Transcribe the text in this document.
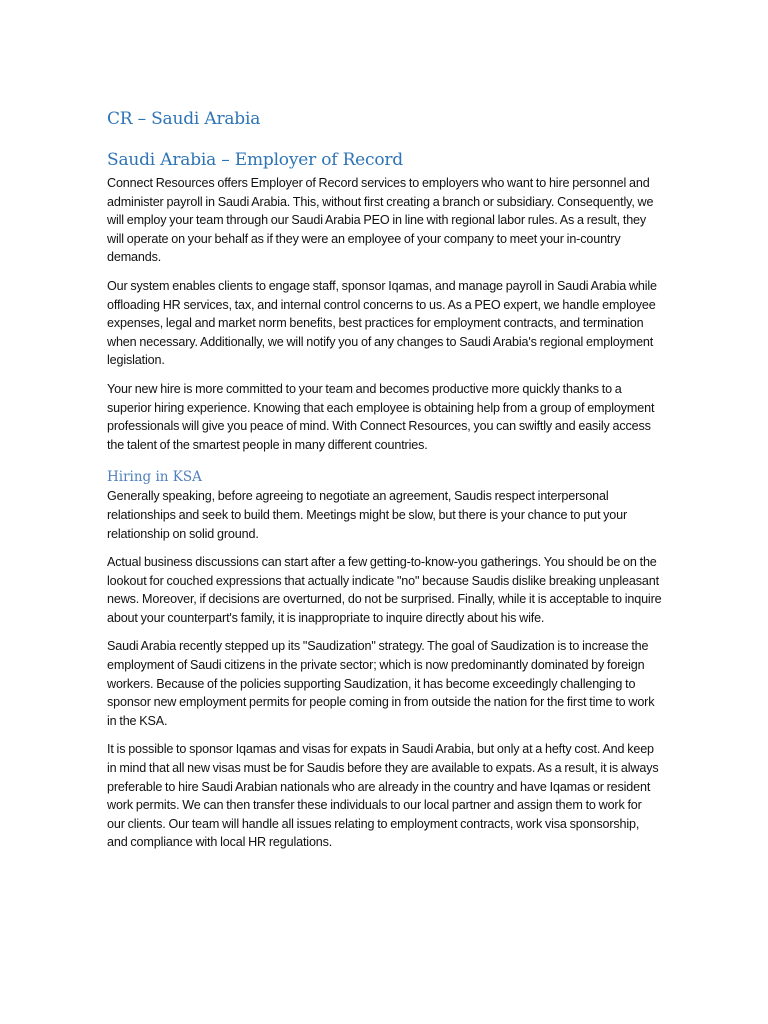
CR – Saudi Arabia
Saudi Arabia – Employer of Record

Connect Resources offers Employer of Record services to employers who want to hire personnel and administer payroll in Saudi Arabia. This, without first creating a branch or subsidiary. Consequently, we will employ your team through our Saudi Arabia PEO in line with regional labor rules. As a result, they will operate on your behalf as if they were an employee of your company to meet your in-country demands.

Our system enables clients to engage staff, sponsor Iqamas, and manage payroll in Saudi Arabia while offloading HR services, tax, and internal control concerns to us. As a PEO expert, we handle employee expenses, legal and market norm benefits, best practices for employment contracts, and termination when necessary. Additionally, we will notify you of any changes to Saudi Arabia's regional employment legislation.

Your new hire is more committed to your team and becomes productive more quickly thanks to a superior hiring experience. Knowing that each employee is obtaining help from a group of employment professionals will give you peace of mind. With Connect Resources, you can swiftly and easily access the talent of the smartest people in many different countries.

Hiring in KSA

Generally speaking, before agreeing to negotiate an agreement, Saudis respect interpersonal relationships and seek to build them. Meetings might be slow, but there is your chance to put your relationship on solid ground.

Actual business discussions can start after a few getting-to-know-you gatherings. You should be on the lookout for couched expressions that actually indicate "no" because Saudis dislike breaking unpleasant news. Moreover, if decisions are overturned, do not be surprised. Finally, while it is acceptable to inquire about your counterpart's family, it is inappropriate to inquire directly about his wife.

Saudi Arabia recently stepped up its "Saudization" strategy. The goal of Saudization is to increase the employment of Saudi citizens in the private sector; which is now predominantly dominated by foreign workers. Because of the policies supporting Saudization, it has become exceedingly challenging to sponsor new employment permits for people coming in from outside the nation for the first time to work in the KSA.

It is possible to sponsor Iqamas and visas for expats in Saudi Arabia, but only at a hefty cost. And keep in mind that all new visas must be for Saudis before they are available to expats. As a result, it is always preferable to hire Saudi Arabian nationals who are already in the country and have Iqamas or resident work permits. We can then transfer these individuals to our local partner and assign them to work for our clients. Our team will handle all issues relating to employment contracts, work visa sponsorship, and compliance with local HR regulations.
